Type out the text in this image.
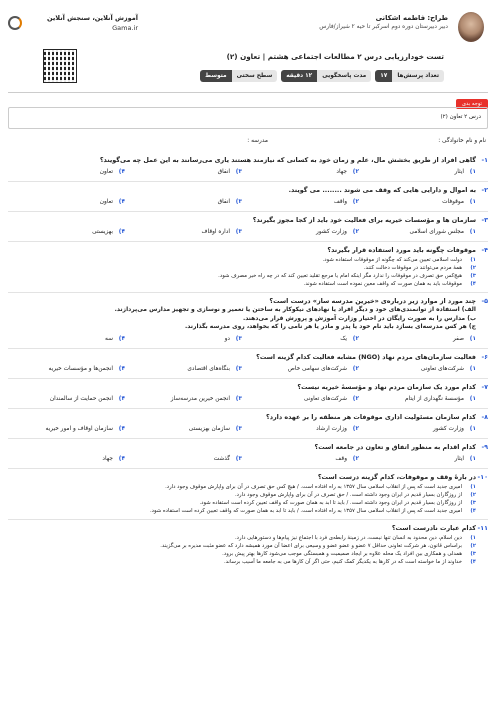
آموزش آنلاین، سنجش آنلاین
Gama.ir
طراح: فاطمه اشکانی
دبیر دبیرستان دوره دوم اسرکبر تا حیه ۲ شیراز/فارس
تست خودارزیابی درس ۲ مطالعات اجتماعی هشتم | تعاون (۲)
تعداد پرسش‌ها
۱۷
مدت پاسخگویی
۱۲ دقیقه
سطح سختی
متوسط
توجه بدی
درس ۲ تعاون (۲)
نام و نام خانوادگی :
مدرسه :
۱-
گاهی افراد از طریق بخشش مال، علم و زمان خود به کسانی که نیازمند هستند یاری می‌رسانند به این عمل چه می‌گویند؟
۱)
ایثار
۲)
جهاد
۳)
انفاق
۴)
تعاون
۲-
به اموال و دارایی هایی که وقف می شوند ........ می گویند.
۱)
موقوفات
۲)
واقف
۳)
انفاق
۴)
تعاون
۳-
سازمان ها و مؤسسات خیریه برای فعالیت خود باید از کجا مجوز بگیرند؟
۱)
مجلس شورای اسلامی
۲)
وزارت کشور
۳)
اداره اوقاف
۴)
بهزیستی
۴-
موقوفات چگونه باید مورد استفاده قرار بگیرند؟
۱)
دولت اسلامی تعیین می‌کند که چگونه از موقوفات استفاده شود.
۲)
همهٔ مردم می‌توانند در موقوفات دخالت کنند.
۳)
هیچ‌کس حق تصرف در موقوفات را ندارد مگر اینکه امام یا مرجع تقلید تعیین کند که در چه راه خیر مصرف شود.
۴)
موقوفات باید به همان صورت که واقف معین نموده است استفاده شوند.
۵-
چند مورد از موارد زیر درباره‌ی «خیرین مدرسه ساز» درست است؟
الف) استفاده از توانمندی‌های خود و دیگر افراد یا نهادهای نیکوکار به ساختن یا تعمیر و نوسازی و تجهیز مدارس می‌پردازند.
ب) مدارس را به صورت رایگان در اختیار وزارت آموزش و پرورش قرار می‌دهند.
ج) هر کس مدرسه‌ای بسازد باید نام خود یا پدر و مادر یا هر نامی را که بخواهد، روی مدرسه بگذارند.
۱)
صفر
۲)
یک
۳)
دو
۴)
سه
۶-
فعالیت سازمان‌های مردم نهاد (NGO) مشابه فعالیت کدام گزینه است؟
۱)
شرکت‌های تعاونی
۲)
شرکت‌های سهامی خاص
۳)
بنگاه‌های اقتصادی
۴)
انجمن‌ها و مؤسسات خیریه
۷-
کدام مورد یک سازمان مردم نهاد و مؤسسهٔ خیریه نیست؟
۱)
مؤسسهٔ نگهداری از ایتام
۲)
شرکت‌های تعاونی
۳)
انجمن خیرین مدرسه‌ساز
۴)
انجمن حمایت از سالمندان
۸-
کدام سازمان مسئولیت اداری موقوفات هر منطقه را بر عهده دارد؟
۱)
وزارت کشور
۲)
وزارت ارشاد
۳)
سازمان بهزیستی
۴)
سازمان اوقاف و امور خیریه
۹-
کدام اقدام به منظور اتفاق و تعاون در جامعه است؟
۱)
ایثار
۲)
وقف
۳)
گذشت
۴)
جهاد
۱۰-
در بارهٔ وقف و موقوفات، کدام گزینه درست است؟
۱)
امیری جدید است که پس از انقلاب اسلامی سال ۱۳۵۷ به راه افتاده است. / هیچ کس حق تصرف در آن برای واپارش موقوف وجود دارد.
۲)
از روزگاران بسیار قدیم در ایران وجود داشته است. / حق تصرف در آن برای واپارش موقوف وجود دارد.
۳)
از روزگاران بسیار قدیم در ایران وجود داشته است. / باید تا ابد به همان صورت که واقف تعیین کرده است استفاده شود.
۴)
امیری جدید است که پس از انقلاب اسلامی سال ۱۳۵۷ به راه افتاده است. / باید تا ابد به همان صورت که واقف تعیین کرده است استفاده شود.
۱۱-
کدام عبارت نادرست است؟
۱)
دین اسلام، دین محدود به انسان تنها نیست، در زمینهٔ رابطه‌ی فرد با اجتماع نیز پیام‌ها و دستورهایی دارد.
۲)
براساس قانون، هر شرکت تعاونی حداقل ۷ عضو و عضو عضو و وسیعی برای اعضا آن مورد همیشه دارد که عضو مثبت مدیره بر می‌گزیند.
۳)
همدلی و همکاری بین افراد یک محله علاوه بر ایجاد صمیمیت و همبستگی موجب می‌شود کارها بهتر پیش برود.
۴)
خداوند از ما خواسته است که در کارها به یکدیگر کمک کنیم، حتی اگر آن کارها می به جامعه ما آسیب برساند.
